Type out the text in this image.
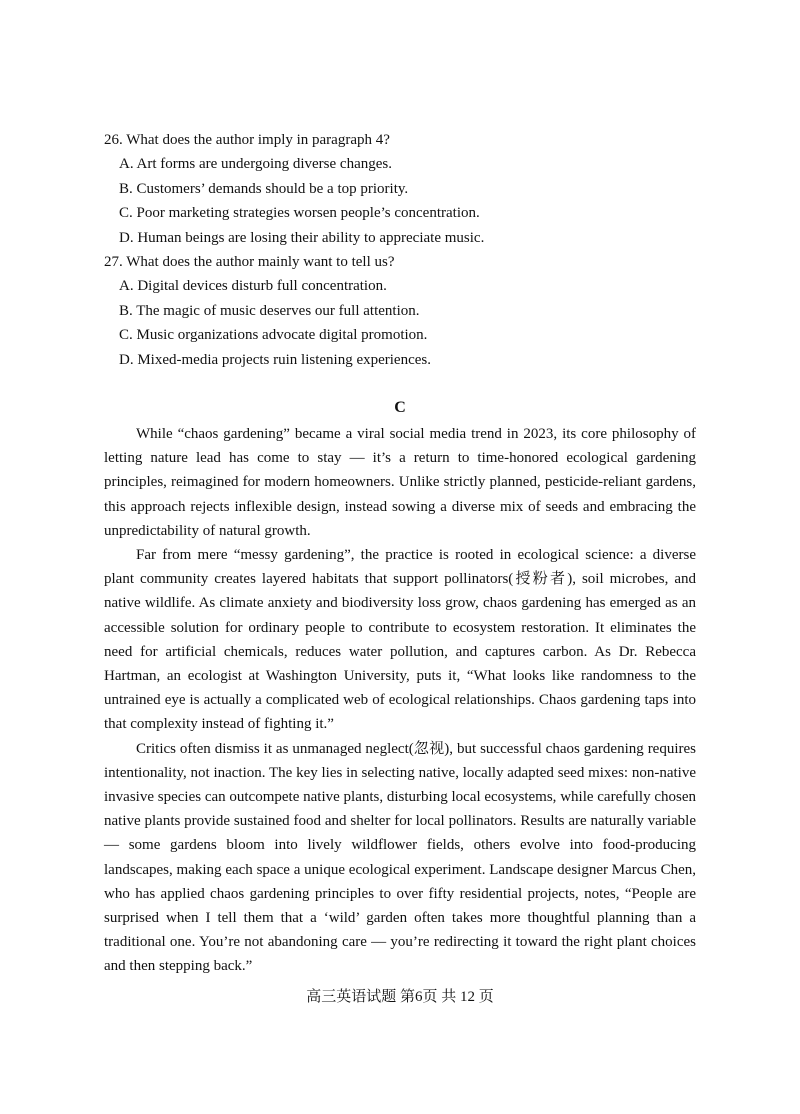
26. What does the author imply in paragraph 4?
A. Art forms are undergoing diverse changes.
B. Customers’ demands should be a top priority.
C. Poor marketing strategies worsen people’s concentration.
D. Human beings are losing their ability to appreciate music.
27. What does the author mainly want to tell us?
A. Digital devices disturb full concentration.
B. The magic of music deserves our full attention.
C. Music organizations advocate digital promotion.
D. Mixed-media projects ruin listening experiences.
C

While “chaos gardening” became a viral social media trend in 2023, its core philosophy of letting nature lead has come to stay — it’s a return to time-honored ecological gardening principles, reimagined for modern homeowners. Unlike strictly planned, pesticide-reliant gardens, this approach rejects inflexible design, instead sowing a diverse mix of seeds and embracing the unpredictability of natural growth.

Far from mere “messy gardening”, the practice is rooted in ecological science: a diverse plant community creates layered habitats that support pollinators(授粉者), soil microbes, and native wildlife. As climate anxiety and biodiversity loss grow, chaos gardening has emerged as an accessible solution for ordinary people to contribute to ecosystem restoration. It eliminates the need for artificial chemicals, reduces water pollution, and captures carbon. As Dr. Rebecca Hartman, an ecologist at Washington University, puts it, “What looks like randomness to the untrained eye is actually a complicated web of ecological relationships. Chaos gardening taps into that complexity instead of fighting it.”

Critics often dismiss it as unmanaged neglect(忽视), but successful chaos gardening requires intentionality, not inaction. The key lies in selecting native, locally adapted seed mixes: non-native invasive species can outcompete native plants, disturbing local ecosystems, while carefully chosen native plants provide sustained food and shelter for local pollinators. Results are naturally variable — some gardens bloom into lively wildflower fields, others evolve into food-producing landscapes, making each space a unique ecological experiment. Landscape designer Marcus Chen, who has applied chaos gardening principles to over fifty residential projects, notes, “People are surprised when I tell them that a ‘wild’ garden often takes more thoughtful planning than a traditional one. You’re not abandoning care — you’re redirecting it toward the right plant choices and then stepping back.”

高三英语试题 第6页 共 12 页
